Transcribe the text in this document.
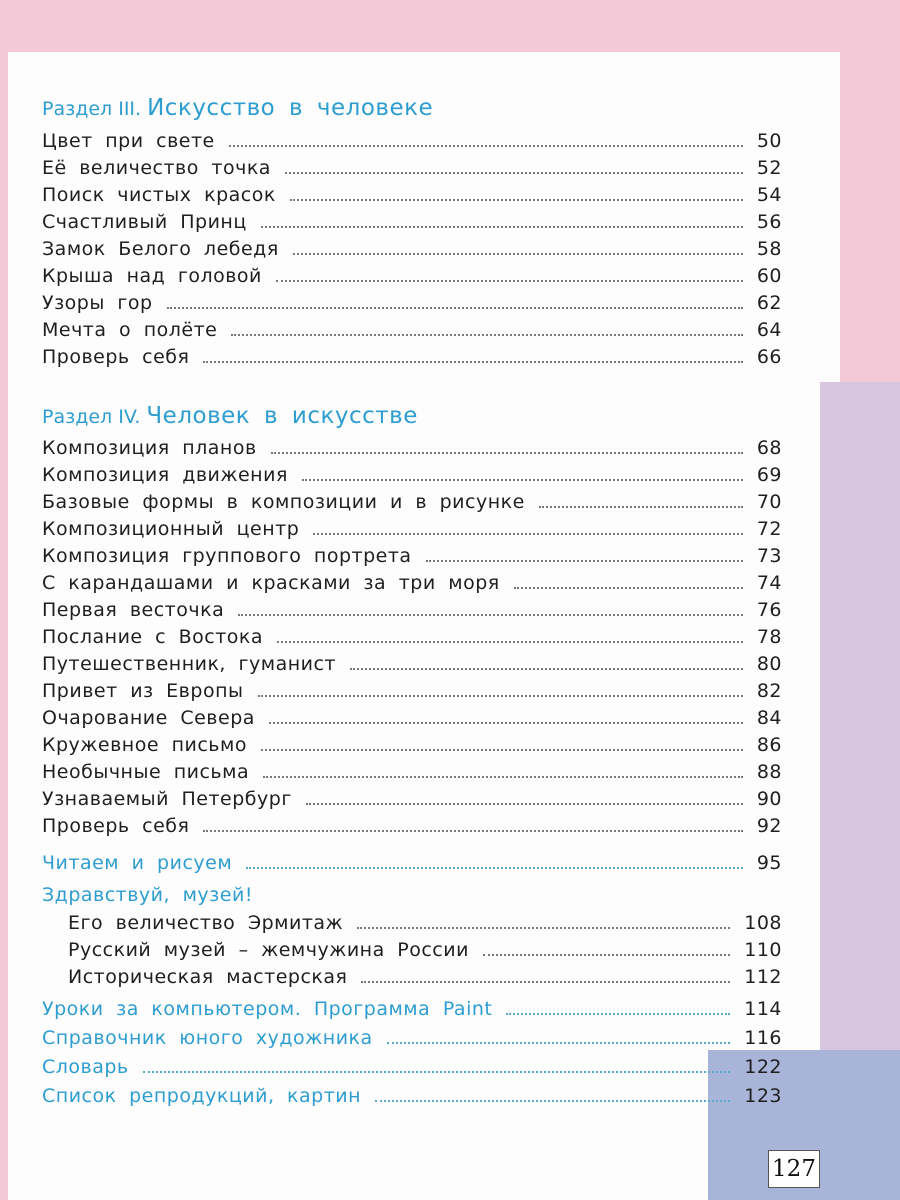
Раздел III. Искусство в человеке
Цвет при свете	50
Её величество точка	52
Поиск чистых красок	54
Счастливый Принц	56
Замок Белого лебедя	58
Крыша над головой	60
Узоры гор	62
Мечта о полёте	64
Проверь себя	66
Раздел IV. Человек в искусстве
Композиция планов	68
Композиция движения	69
Базовые формы в композиции и в рисунке	70
Композиционный центр	72
Композиция группового портрета	73
С карандашами и красками за три моря	74
Первая весточка	76
Послание с Востока	78
Путешественник, гуманист	80
Привет из Европы	82
Очарование Севера	84
Кружевное письмо	86
Необычные письма	88
Узнаваемый Петербург	90
Проверь себя	92
Читаем и рисуем	95
Здравствуй, музей!
Его величество Эрмитаж	108
Русский музей – жемчужина России	110
Историческая мастерская	112
Уроки за компьютером. Программа Paint	114
Справочник юного художника	116
Словарь	122
Список репродукций, картин	123
127
